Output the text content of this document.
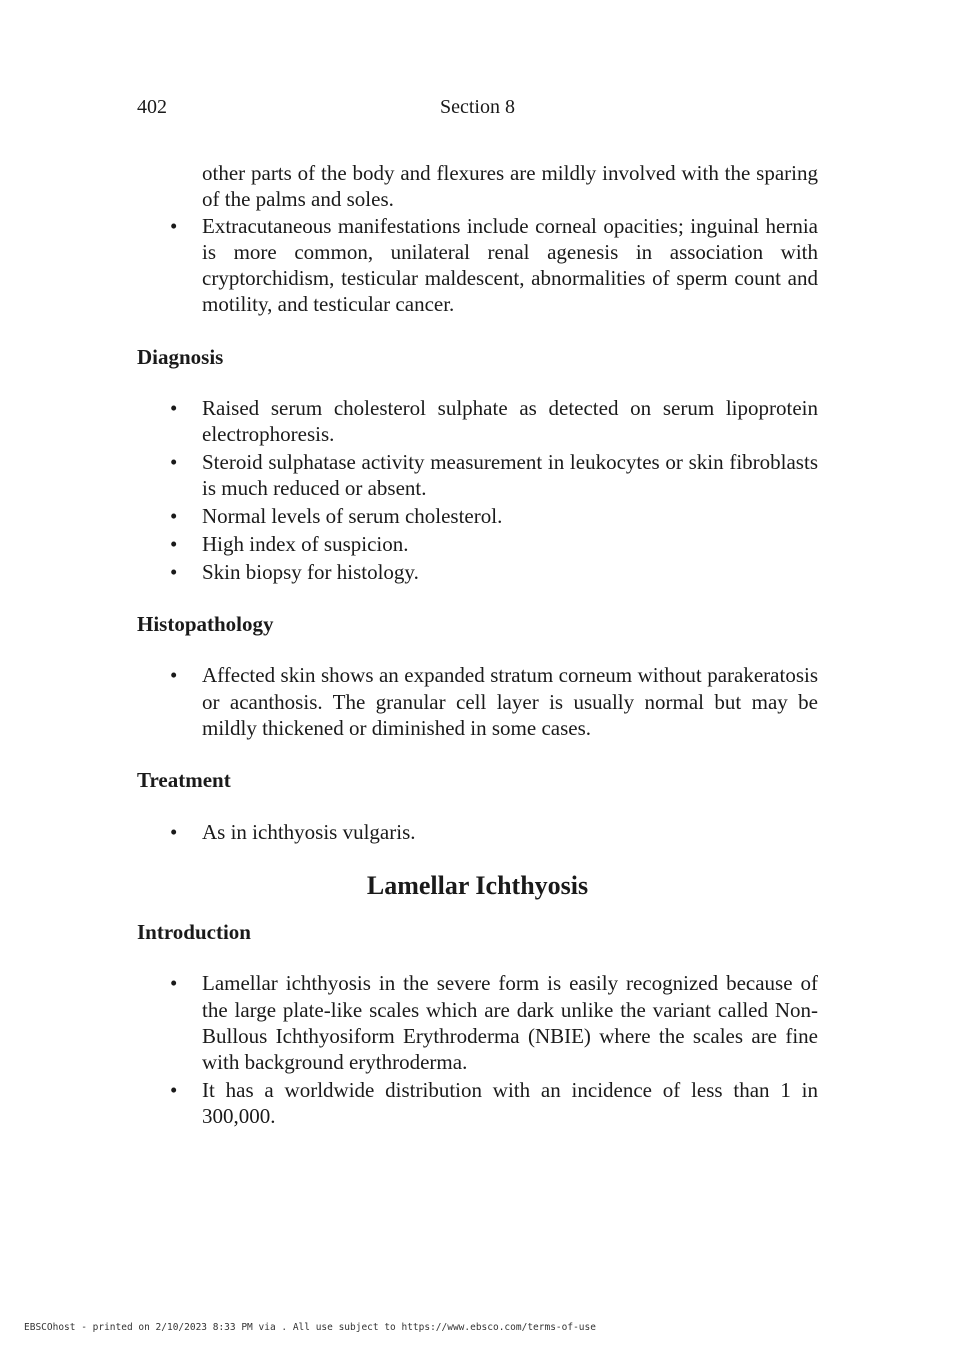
402	Section 8

other parts of the body and flexures are mildly involved with the sparing of the palms and soles.

• Extracutaneous manifestations include corneal opacities; inguinal hernia is more common, unilateral renal agenesis in association with cryptorchidism, testicular maldescent, abnormalities of sperm count and motility, and testicular cancer.
Diagnosis
• Raised serum cholesterol sulphate as detected on serum lipoprotein electrophoresis.
• Steroid sulphatase activity measurement in leukocytes or skin fibroblasts is much reduced or absent.
• Normal levels of serum cholesterol.
• High index of suspicion.
• Skin biopsy for histology.
Histopathology
• Affected skin shows an expanded stratum corneum without parakeratosis or acanthosis. The granular cell layer is usually normal but may be mildly thickened or diminished in some cases.
Treatment
• As in ichthyosis vulgaris.
Lamellar Ichthyosis
Introduction
• Lamellar ichthyosis in the severe form is easily recognized because of the large plate-like scales which are dark unlike the variant called Non-Bullous Ichthyosiform Erythroderma (NBIE) where the scales are fine with background erythroderma.
• It has a worldwide distribution with an incidence of less than 1 in 300,000.
EBSCOhost - printed on 2/10/2023 8:33 PM via . All use subject to https://www.ebsco.com/terms-of-use
